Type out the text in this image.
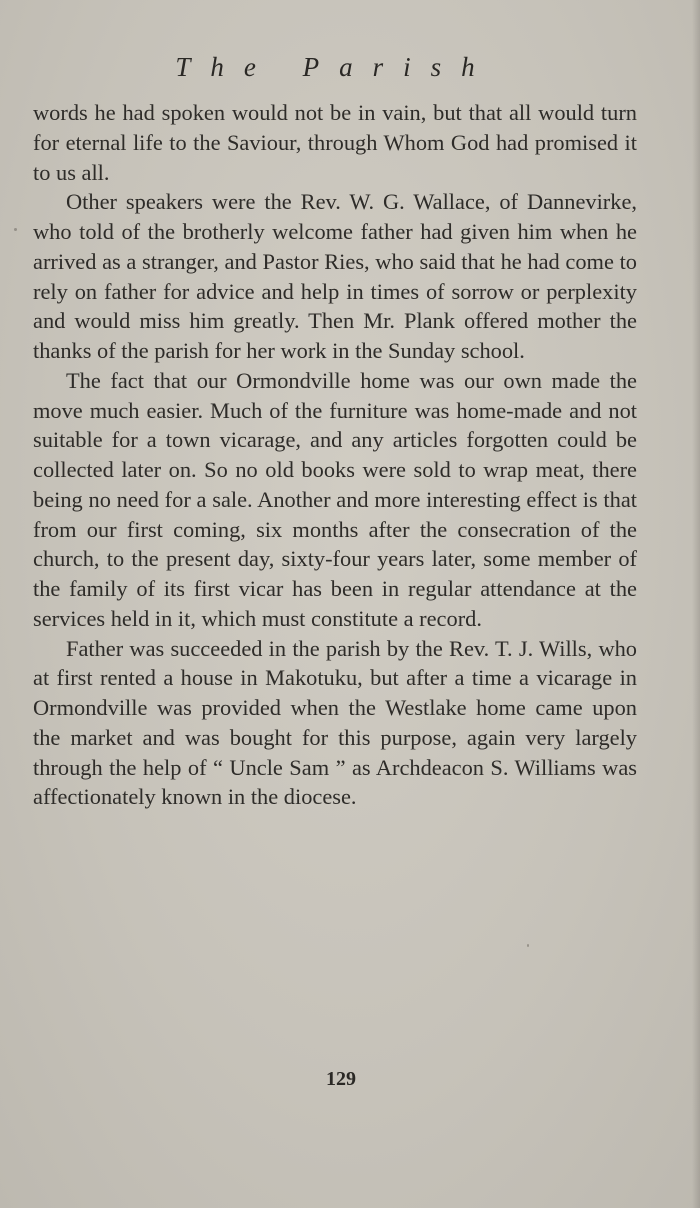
The Parish

words he had spoken would not be in vain, but that all would turn for eternal life to the Saviour, through Whom God had promised it to us all.

Other speakers were the Rev. W. G. Wallace, of Dannevirke, who told of the brotherly welcome father had given him when he arrived as a stranger, and Pastor Ries, who said that he had come to rely on father for advice and help in times of sorrow or perplexity and would miss him greatly. Then Mr. Plank offered mother the thanks of the parish for her work in the Sunday school.

The fact that our Ormondville home was our own made the move much easier. Much of the furniture was home-made and not suitable for a town vicarage, and any articles forgotten could be collected later on. So no old books were sold to wrap meat, there being no need for a sale. Another and more interesting effect is that from our first coming, six months after the consecration of the church, to the present day, sixty-four years later, some member of the family of its first vicar has been in regular attendance at the services held in it, which must constitute a record.

Father was succeeded in the parish by the Rev. T. J. Wills, who at first rented a house in Makotuku, but after a time a vicarage in Ormondville was provided when the Westlake home came upon the market and was bought for this purpose, again very largely through the help of “ Uncle Sam ” as Archdeacon S. Williams was affectionately known in the diocese.

129
